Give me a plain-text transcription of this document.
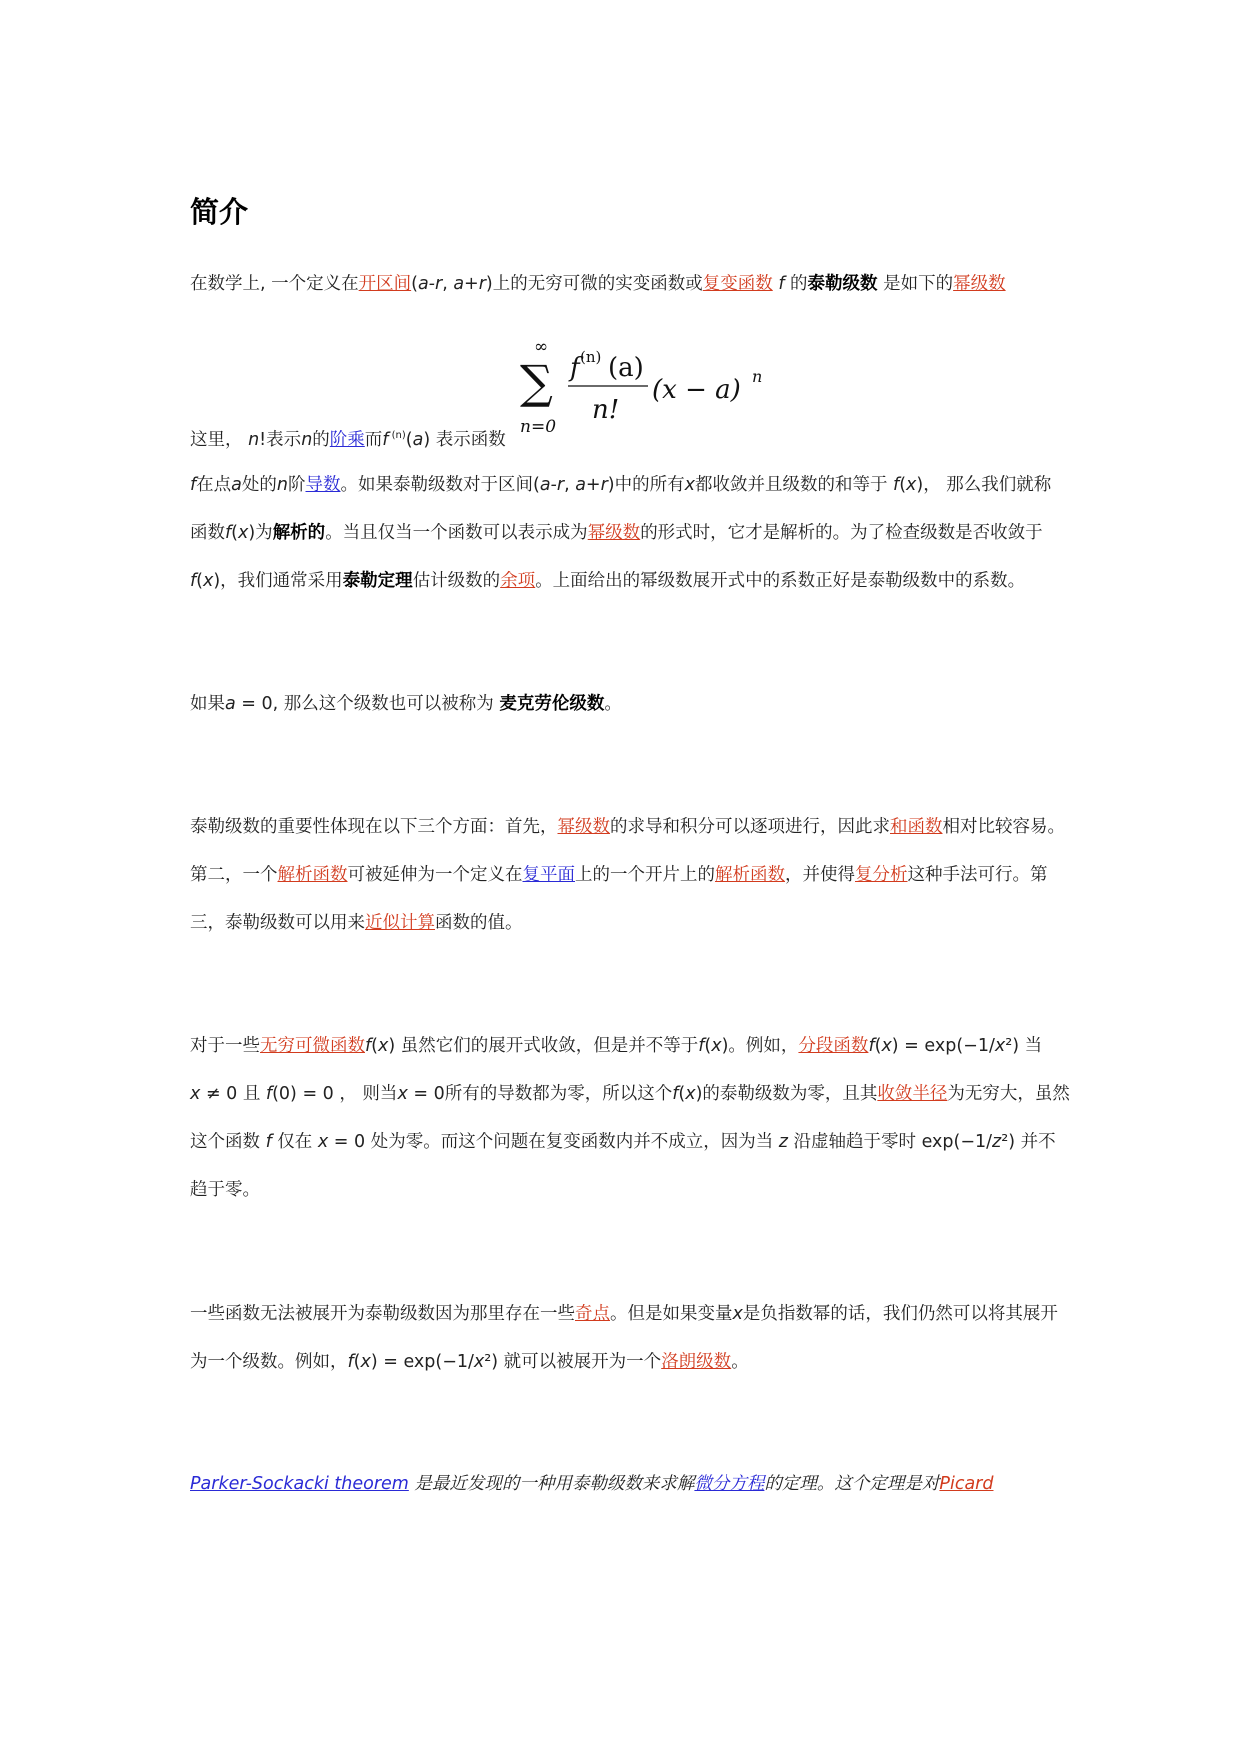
简介
在数学上, 一个定义在开区间(a-r, a+r)上的无穷可微的实变函数或复变函数 f 的泰勒级数 是如下的幂级数
∞
∑
n=0
f (n) (a)
n!
(x − a) n
这里， n!表示n的阶乘而f $^{(n)}$(a) 表示函数
f在点a处的n阶导数。如果泰勒级数对于区间(a-r, a+r)中的所有x都收敛并且级数的和等于 f(x)， 那么我们就称
函数f(x)为解析的。当且仅当一个函数可以表示成为幂级数的形式时，它才是解析的。为了检查级数是否收敛于
f(x)，我们通常采用泰勒定理估计级数的余项。上面给出的幂级数展开式中的系数正好是泰勒级数中的系数。
如果a = 0, 那么这个级数也可以被称为 麦克劳伦级数。
泰勒级数的重要性体现在以下三个方面：首先，幂级数的求导和积分可以逐项进行，因此求和函数相对比较容易。
第二，一个解析函数可被延伸为一个定义在复平面上的一个开片上的解析函数，并使得复分析这种手法可行。第
三，泰勒级数可以用来近似计算函数的值。
对于一些无穷可微函数f(x) 虽然它们的展开式收敛，但是并不等于f(x)。例如，分段函数f(x) = exp(−1/x²) 当
x ≠ 0 且 f(0) = 0 ， 则当x = 0所有的导数都为零，所以这个f(x)的泰勒级数为零，且其收敛半径为无穷大，虽然
这个函数 f 仅在 x = 0 处为零。而这个问题在复变函数内并不成立，因为当 z 沿虚轴趋于零时 exp(−1/z²) 并不
趋于零。
一些函数无法被展开为泰勒级数因为那里存在一些奇点。但是如果变量x是负指数幂的话，我们仍然可以将其展开
为一个级数。例如，f(x) = exp(−1/x²) 就可以被展开为一个洛朗级数。
Parker-Sockacki theorem 是最近发现的一种用泰勒级数来求解微分方程的定理。这个定理是对Picard
